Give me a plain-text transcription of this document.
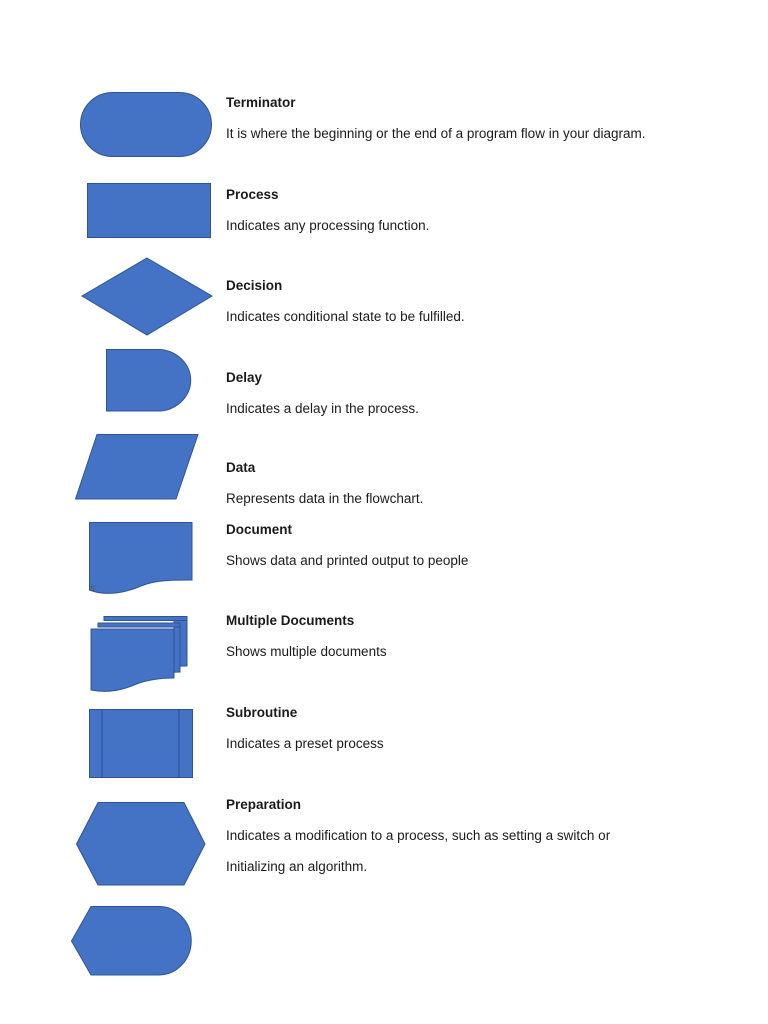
s

Terminator

It is where the beginning or the end of a program flow in your diagram.

Process

Indicates any processing function.

Decision

Indicates conditional state to be fulfilled.

Delay

Indicates a delay in the process.

Data

Represents data in the flowchart.

Document

Shows data and printed output to people

Multiple Documents

Shows multiple documents

Subroutine

Indicates a preset process

Preparation

Indicates a modification to a process, such as setting a switch or Initializing an algorithm.
